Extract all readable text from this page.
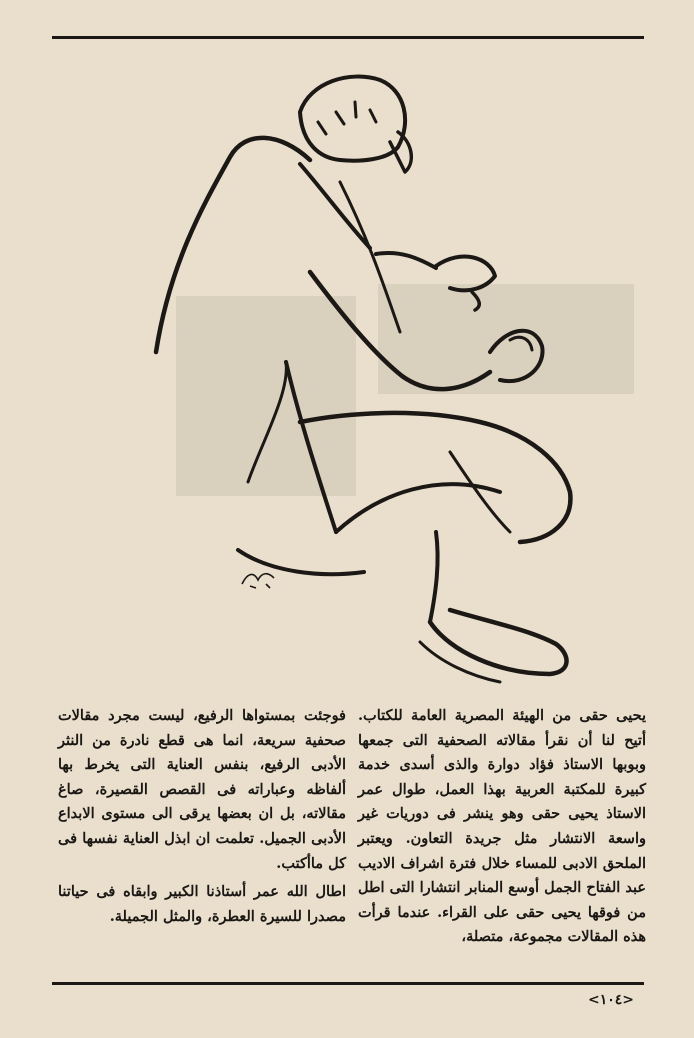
يحيى حقى من الهيئة المصرية العامة للكتاب. أتيح لنا أن نقرأ مقالاته الصحفية التى جمعها وبوبها الاستاذ فؤاد دوارة والذى أسدى خدمة كبيرة للمكتبة العربية بهذا العمل، طوال عمر الاستاذ يحيى حقى وهو ينشر فى دوريات غير واسعة الانتشار مثل جريدة التعاون. ويعتبر الملحق الادبى للمساء خلال فترة اشراف الاديب عبد الفتاح الجمل أوسع المنابر انتشارا التى اطل من فوقها يحيى حقى على القراء. عندما قرأت هذه المقالات مجموعة، متصلة،

فوجئت بمستواها الرفيع، ليست مجرد مقالات صحفية سريعة، انما هى قطع نادرة من النثر الأدبى الرفيع، بنفس العناية التى يخرط بها ألفاظه وعباراته فى القصص القصيرة، صاغ مقالاته، بل ان بعضها يرقى الى مستوى الابداع الأدبى الجميل. تعلمت ان ابذل العناية نفسها فى كل ماأكتب.

اطال الله عمر أستاذنا الكبير وابقاه فى حياتنا مصدرا للسيرة العطرة، والمثل الجميلة.

<١٠٤>
